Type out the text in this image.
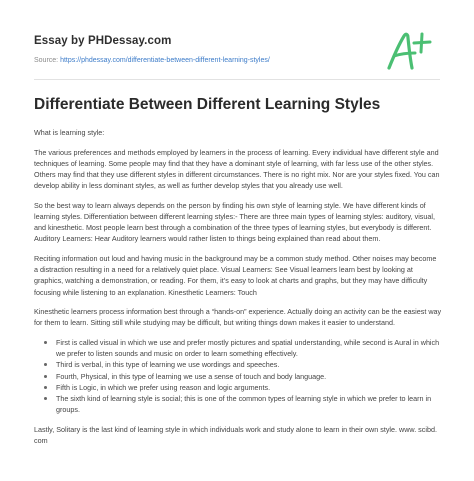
Essay by PHDessay.com
Source: https://phdessay.com/differentiate-between-different-learning-styles/
Differentiate Between Different Learning Styles

What is learning style:

The various preferences and methods employed by learners in the process of learning. Every individual have different style and techniques of learning. Some people may find that they have a dominant style of learning, with far less use of the other styles. Others may find that they use different styles in different circumstances. There is no right mix. Nor are your styles fixed. You can develop ability in less dominant styles, as well as further develop styles that you already use well.

So the best way to learn always depends on the person by finding his own style of learning style. We have different kinds of learning styles. Differentiation between different learning styles:- There are three main types of learning styles: auditory, visual, and kinesthetic. Most people learn best through a combination of the three types of learning styles, but everybody is different. Auditory Learners: Hear Auditory learners would rather listen to things being explained than read about them.

Reciting information out loud and having music in the background may be a common study method. Other noises may become a distraction resulting in a need for a relatively quiet place. Visual Learners: See Visual learners learn best by looking at graphics, watching a demonstration, or reading. For them, it’s easy to look at charts and graphs, but they may have difficulty focusing while listening to an explanation. Kinesthetic Learners: Touch

Kinesthetic learners process information best through a “hands-on” experience. Actually doing an activity can be the easiest way for them to learn. Sitting still while studying may be difficult, but writing things down makes it easier to understand.

First is called visual in which we use and prefer mostly pictures and spatial understanding, while second is Aural in which we prefer to listen sounds and music on order to learn something effectively.
Third is verbal, in this type of learning we use wordings and speeches.
Fourth, Physical, in this type of learning we use a sense of touch and body language.
Fifth is Logic, in which we prefer using reason and logic arguments.
The sixth kind of learning style is social; this is one of the common types of learning style in which we prefer to learn in groups.

Lastly, Solitary is the last kind of learning style in which individuals work and study alone to learn in their own style. www. scibd. com
